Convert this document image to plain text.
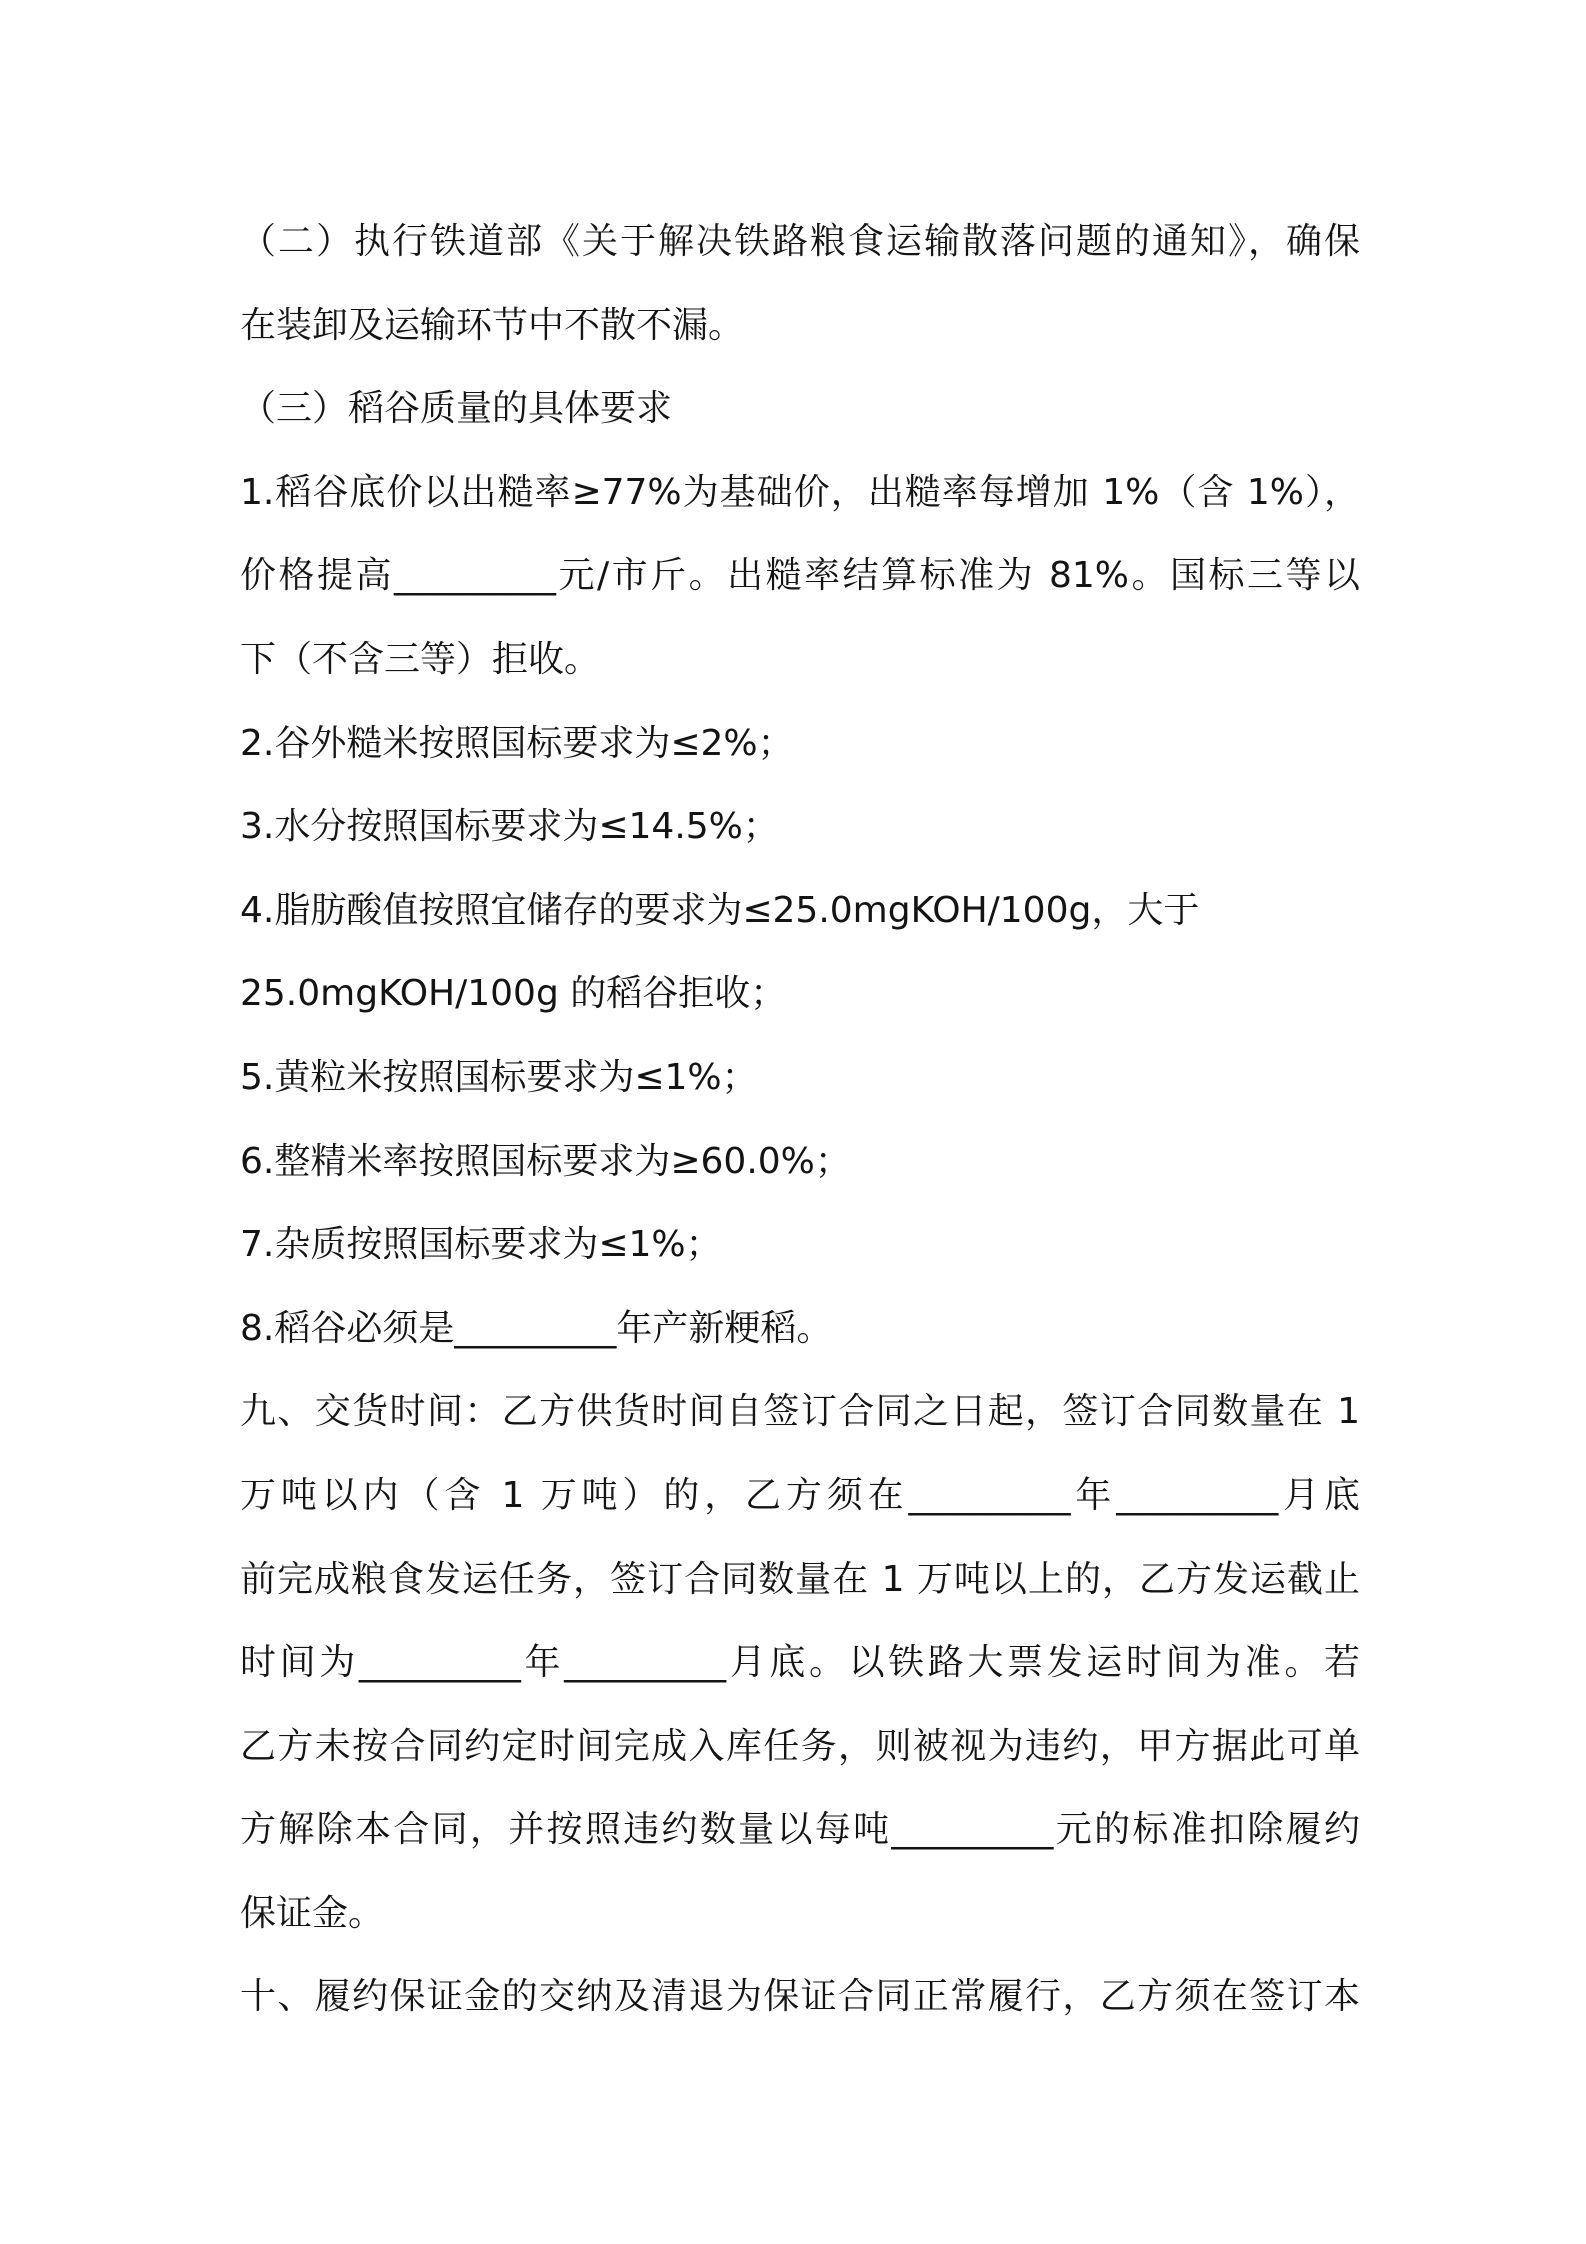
（二）执行铁道部《关于解决铁路粮食运输散落问题的通知》，确保
在装卸及运输环节中不散不漏。
（三）稻谷质量的具体要求
1.稻谷底价以出糙率≥77%为基础价，出糙率每增加 1%（含 1%），
价格提高_________元/市斤。出糙率结算标准为 81%。国标三等以
下（不含三等）拒收。
2.谷外糙米按照国标要求为≤2%；
3.水分按照国标要求为≤14.5%；
4.脂肪酸值按照宜储存的要求为≤25.0mgKOH/100g，大于
25.0mgKOH/100g 的稻谷拒收；
5.黄粒米按照国标要求为≤1%；
6.整精米率按照国标要求为≥60.0%；
7.杂质按照国标要求为≤1%；
8.稻谷必须是_________年产新粳稻。
九、交货时间：乙方供货时间自签订合同之日起，签订合同数量在 1
万吨以内（含 1 万吨）的，乙方须在_________年_________月底
前完成粮食发运任务，签订合同数量在 1 万吨以上的，乙方发运截止
时间为_________年_________月底。以铁路大票发运时间为准。若
乙方未按合同约定时间完成入库任务，则被视为违约，甲方据此可单
方解除本合同，并按照违约数量以每吨_________元的标准扣除履约
保证金。
十、履约保证金的交纳及清退为保证合同正常履行，乙方须在签订本
